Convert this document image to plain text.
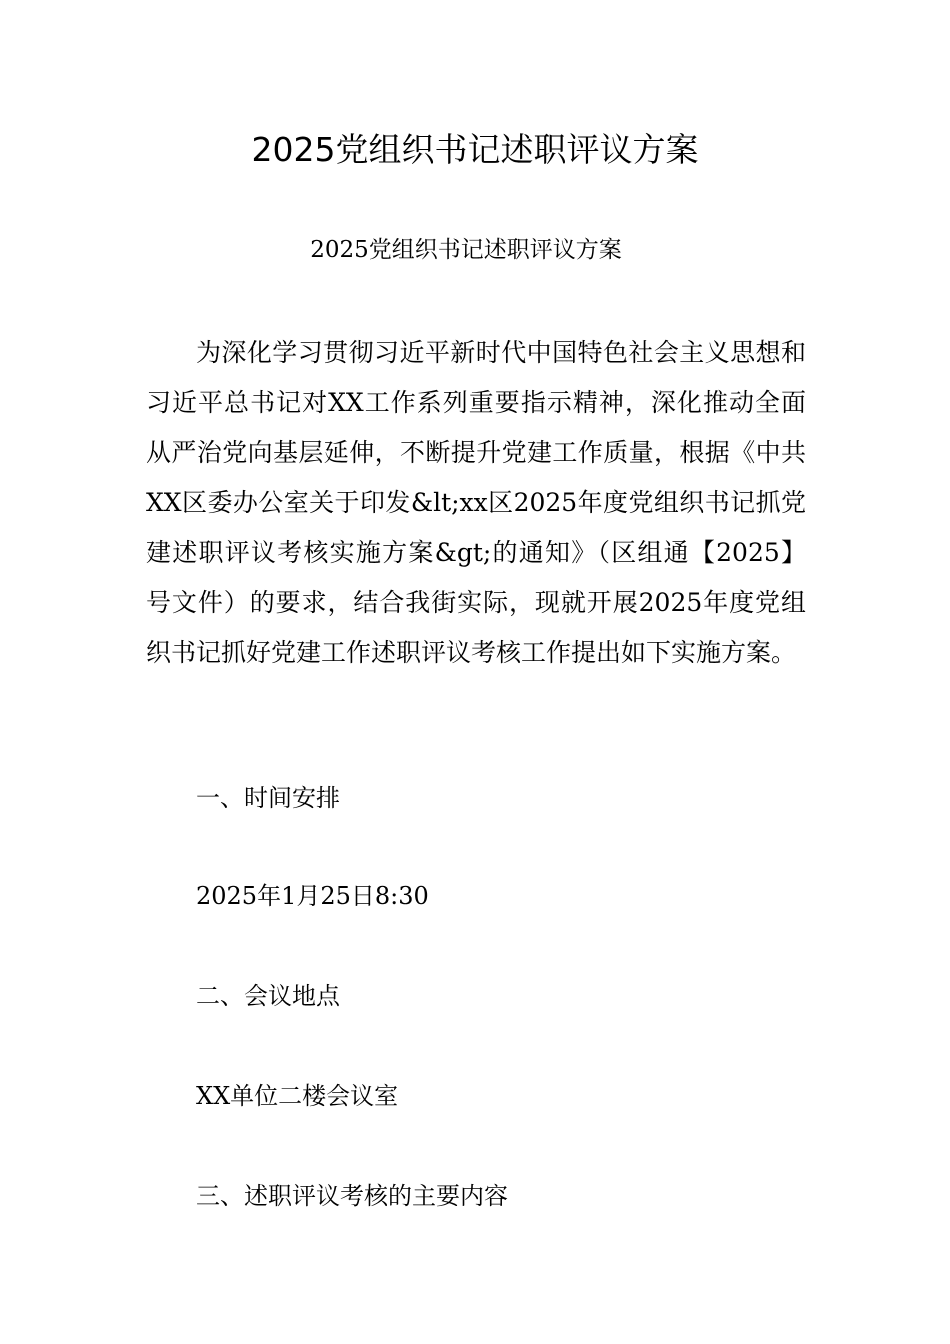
2025党组织书记述职评议方案

2025党组织书记述职评议方案

为深化学习贯彻习近平新时代中国特色社会主义思想和习近平总书记对XX工作系列重要指示精神，深化推动全面从严治党向基层延伸，不断提升党建工作质量，根据《中共XX区委办公室关于印发&lt;xx区2025年度党组织书记抓党建述职评议考核实施方案&gt;的通知》（区组通【2025】 号文件）的要求，结合我街实际，现就开展2025年度党组织书记抓好党建工作述职评议考核工作提出如下实施方案。

一、时间安排

2025年1月25日8:30

二、会议地点

XX单位二楼会议室

三、述职评议考核的主要内容
